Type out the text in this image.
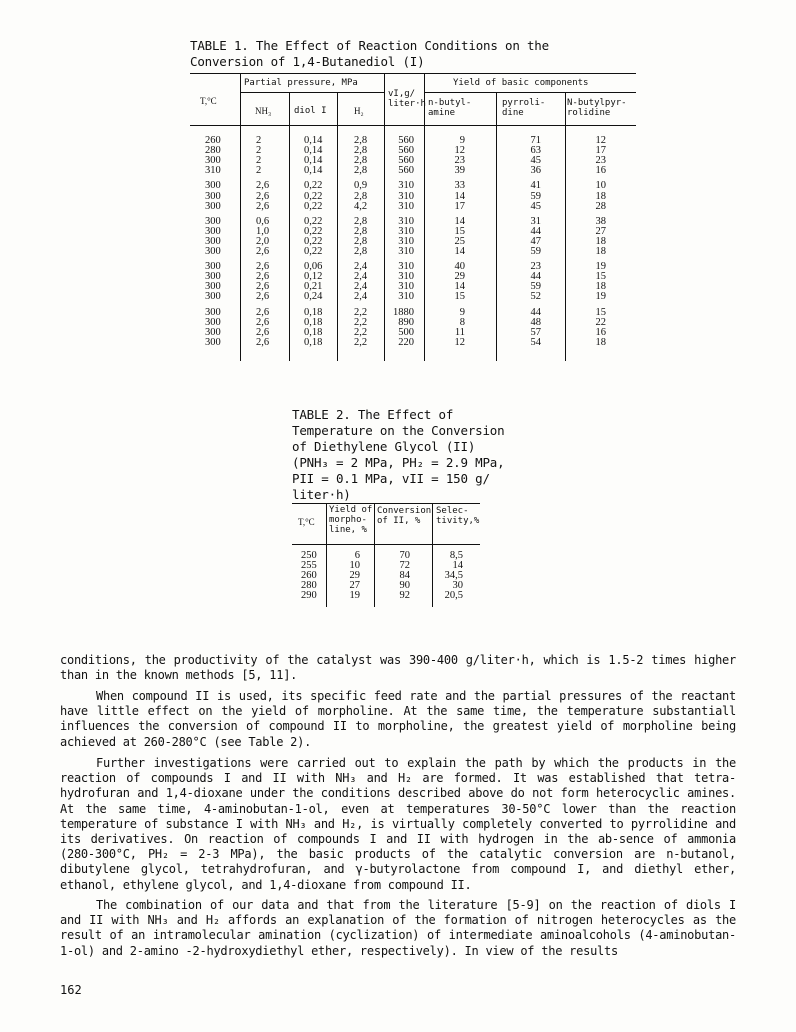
TABLE 1. The Effect of Reaction Conditions on the
Conversion of 1,4-Butanediol (I)
T,°C
Partial pressure, MPa
NH₃	diol I	H₂
vI,g/
liter·h
Yield of basic components
n-butyl-
amine
pyrroli-
dine
N-butylpyr-
rolidine
260	2	0,14	2,8	560	9	71	12
280	2	0,14	2,8	560	12	63	17
300	2	0,14	2,8	560	23	45	23
310	2	0,14	2,8	560	39	36	16
300	2,6	0,22	0,9	310	33	41	10
300	2,6	0,22	2,8	310	14	59	18
300	2,6	0,22	4,2	310	17	45	28
300	0,6	0,22	2,8	310	14	31	38
300	1,0	0,22	2,8	310	15	44	27
300	2,0	0,22	2,8	310	25	47	18
300	2,6	0,22	2,8	310	14	59	18
300	2,6	0,06	2,4	310	40	23	19
300	2,6	0,12	2,4	310	29	44	15
300	2,6	0,21	2,4	310	14	59	18
300	2,6	0,24	2,4	310	15	52	19
300	2,6	0,18	2,2	1880	9	44	15
300	2,6	0,18	2,2	890	8	48	22
300	2,6	0,18	2,2	500	11	57	16
300	2,6	0,18	2,2	220	12	54	18
TABLE 2. The Effect of
Temperature on the Conversion
of Diethylene Glycol (II)
(PNH₃ = 2 MPa, PH₂ = 2.9 MPa,
PII = 0.1 MPa, vII = 150 g/
liter·h)
T,°C
Yield of
morpho-
line, %
Conversion
of II, %
Selec-
tivity,%
250	6	70	8,5
255	10	72	14
260	29	84	34,5
280	27	90	30
290	19	92	20,5
conditions, the productivity of the catalyst was 390-400 g/liter·h, which is 1.5-2 times higher than in the known methods [5, 11].
When compound II is used, its specific feed rate and the partial pressures of the reactant have little effect on the yield of morpholine. At the same time, the temperature substantiall influences the conversion of compound II to morpholine, the greatest yield of morpholine being achieved at 260-280°C (see Table 2).
Further investigations were carried out to explain the path by which the products in the reaction of compounds I and II with NH₃ and H₂ are formed. It was established that tetra-hydrofuran and 1,4-dioxane under the conditions described above do not form heterocyclic amines. At the same time, 4-aminobutan-1-ol, even at temperatures 30-50°C lower than the reaction temperature of substance I with NH₃ and H₂, is virtually completely converted to pyrrolidine and its derivatives. On reaction of compounds I and II with hydrogen in the ab-sence of ammonia (280-300°C, PH₂ = 2-3 MPa), the basic products of the catalytic conversion are n-butanol, dibutylene glycol, tetrahydrofuran, and γ-butyrolactone from compound I, and diethyl ether, ethanol, ethylene glycol, and 1,4-dioxane from compound II.
The combination of our data and that from the literature [5-9] on the reaction of diols I and II with NH₃ and H₂ affords an explanation of the formation of nitrogen heterocycles as the result of an intramolecular amination (cyclization) of intermediate aminoalcohols (4-aminobutan-1-ol) and 2-amino -2-hydroxydiethyl ether, respectively). In view of the results
162
